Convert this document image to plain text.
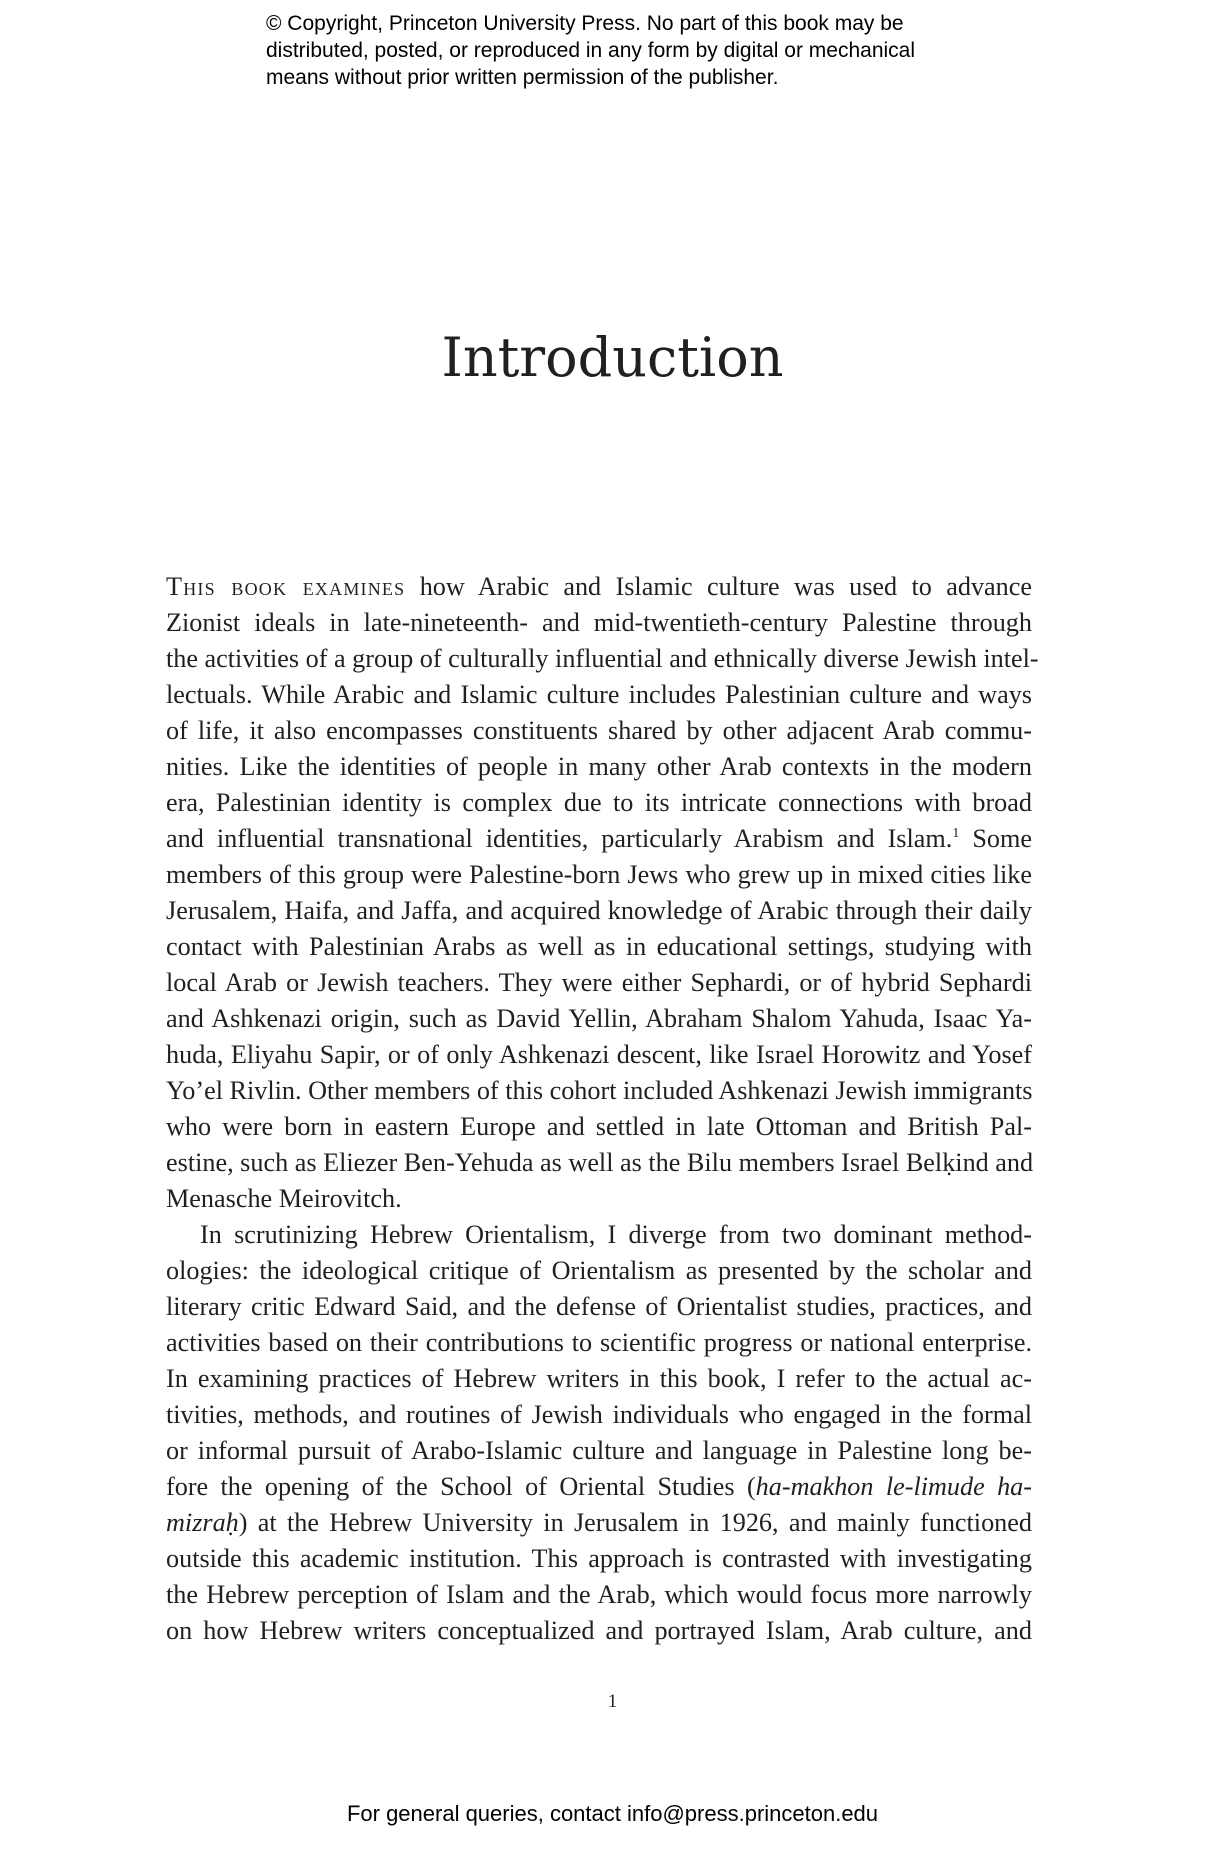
© Copyright, Princeton University Press. No part of this book may be
distributed, posted, or reproduced in any form by digital or mechanical
means without prior written permission of the publisher.
Introduction
This book examines how Arabic and Islamic culture was used to advance
Zionist ideals in late-nineteenth- and mid-twentieth-century Palestine through
the activities of a group of culturally influential and ethnically diverse Jewish intel-
lectuals. While Arabic and Islamic culture includes Palestinian culture and ways
of life, it also encompasses constituents shared by other adjacent Arab commu-
nities. Like the identities of people in many other Arab contexts in the modern
era, Palestinian identity is complex due to its intricate connections with broad
and influential transnational identities, particularly Arabism and Islam.$^1$ Some
members of this group were Palestine-born Jews who grew up in mixed cities like
Jerusalem, Haifa, and Jaffa, and acquired knowledge of Arabic through their daily
contact with Palestinian Arabs as well as in educational settings, studying with
local Arab or Jewish teachers. They were either Sephardi, or of hybrid Sephardi
and Ashkenazi origin, such as David Yellin, Abraham Shalom Yahuda, Isaac Ya-
huda, Eliyahu Sapir, or of only Ashkenazi descent, like Israel Horowitz and Yosef
Yo’el Rivlin. Other members of this cohort included Ashkenazi Jewish immigrants
who were born in eastern Europe and settled in late Ottoman and British Pal-
estine, such as Eliezer Ben-Yehuda as well as the Bilu members Israel Belḳind and
Menasche Meirovitch.
In scrutinizing Hebrew Orientalism, I diverge from two dominant method-
ologies: the ideological critique of Orientalism as presented by the scholar and
literary critic Edward Said, and the defense of Orientalist studies, practices, and
activities based on their contributions to scientific progress or national enterprise.
In examining practices of Hebrew writers in this book, I refer to the actual ac-
tivities, methods, and routines of Jewish individuals who engaged in the formal
or informal pursuit of Arabo-Islamic culture and language in Palestine long be-
fore the opening of the School of Oriental Studies (ha-makhon le-limude ha-
mizraḥ) at the Hebrew University in Jerusalem in 1926, and mainly functioned
outside this academic institution. This approach is contrasted with investigating
the Hebrew perception of Islam and the Arab, which would focus more narrowly
on how Hebrew writers conceptualized and portrayed Islam, Arab culture, and
1
For general queries, contact info@press.princeton.edu
